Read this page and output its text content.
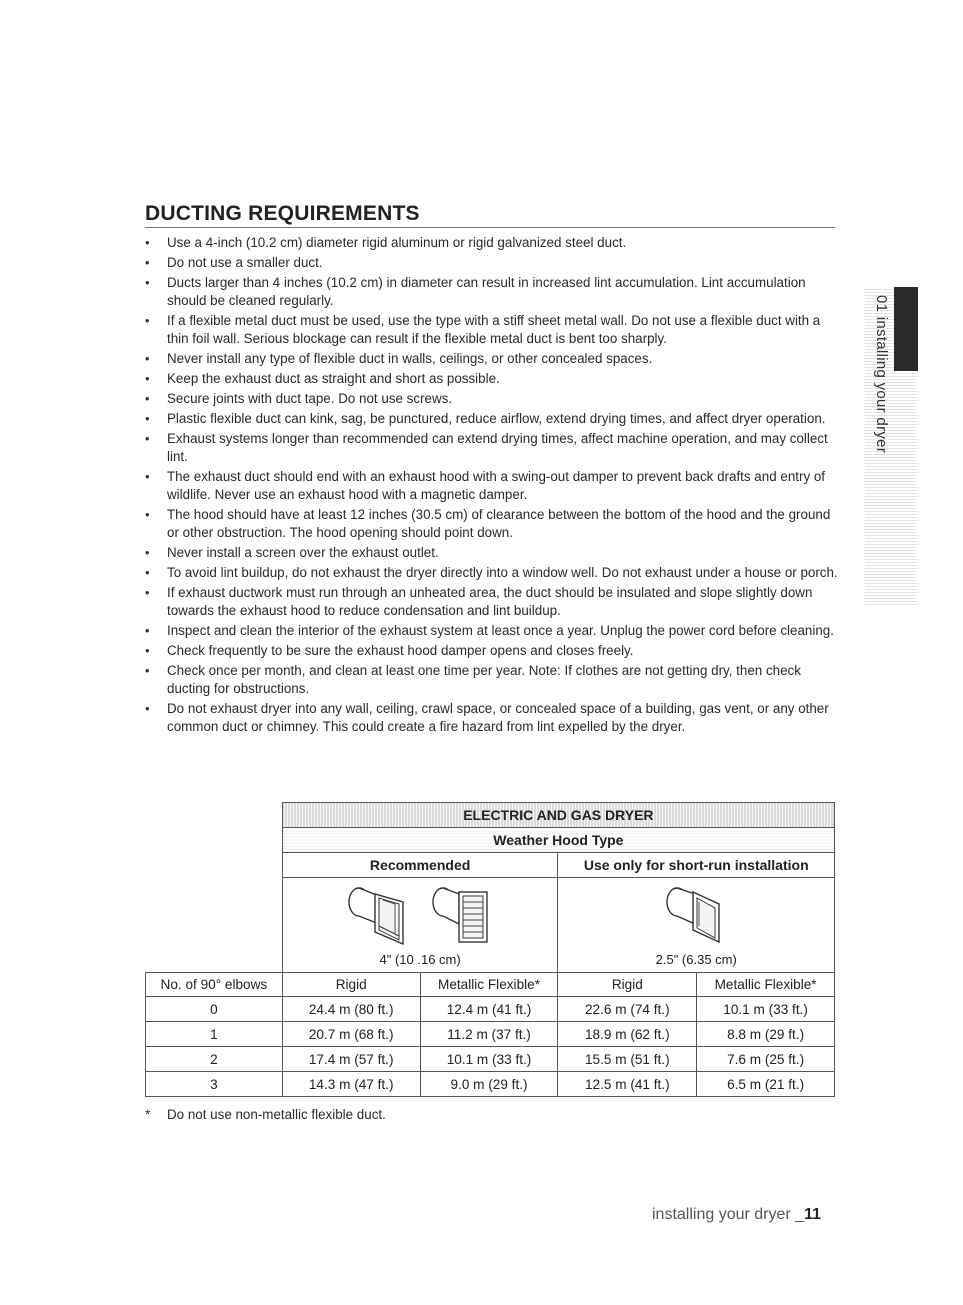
DUCTING REQUIREMENTS
• Use a 4-inch (10.2 cm) diameter rigid aluminum or rigid galvanized steel duct.
• Do not use a smaller duct.
• Ducts larger than 4 inches (10.2 cm) in diameter can result in increased lint accumulation. Lint accumulation should be cleaned regularly.
• If a flexible metal duct must be used, use the type with a stiff sheet metal wall. Do not use a flexible duct with a thin foil wall. Serious blockage can result if the flexible metal duct is bent too sharply.
• Never install any type of flexible duct in walls, ceilings, or other concealed spaces.
• Keep the exhaust duct as straight and short as possible.
• Secure joints with duct tape. Do not use screws.
• Plastic flexible duct can kink, sag, be punctured, reduce airflow, extend drying times, and affect dryer operation.
• Exhaust systems longer than recommended can extend drying times, affect machine operation, and may collect lint.
• The exhaust duct should end with an exhaust hood with a swing-out damper to prevent back drafts and entry of wildlife. Never use an exhaust hood with a magnetic damper.
• The hood should have at least 12 inches (30.5 cm) of clearance between the bottom of the hood and the ground or other obstruction. The hood opening should point down.
• Never install a screen over the exhaust outlet.
• To avoid lint buildup, do not exhaust the dryer directly into a window well. Do not exhaust under a house or porch.
• If exhaust ductwork must run through an unheated area, the duct should be insulated and slope slightly down towards the exhaust hood to reduce condensation and lint buildup.
• Inspect and clean the interior of the exhaust system at least once a year. Unplug the power cord before cleaning.
• Check frequently to be sure the exhaust hood damper opens and closes freely.
• Check once per month, and clean at least one time per year. Note: If clothes are not getting dry, then check ducting for obstructions.
• Do not exhaust dryer into any wall, ceiling, crawl space, or concealed space of a building, gas vent, or any other common duct or chimney. This could create a fire hazard from lint expelled by the dryer.
01 installing your dryer
	ELECTRIC AND GAS DRYER			
	Weather Hood Type			
	Recommended		Use only for short-run installation	

	4" (10 .16 cm)		2.5" (6.35 cm)	

No. of 90° elbows	Rigid	Metallic Flexible*	Rigid	Metallic Flexible*
0	24.4 m (80 ft.)	12.4 m (41 ft.)	22.6 m (74 ft.)	10.1 m (33 ft.)
1	20.7 m (68 ft.)	11.2 m (37 ft.)	18.9 m (62 ft.)	8.8 m (29 ft.)
2	17.4 m (57 ft.)	10.1 m (33 ft.)	15.5 m (51 ft.)	7.6 m (25 ft.)
3	14.3 m (47 ft.)	9.0 m (29 ft.)	12.5 m (41 ft.)	6.5 m (21 ft.)
* Do not use non-metallic flexible duct.
installing your dryer _11
